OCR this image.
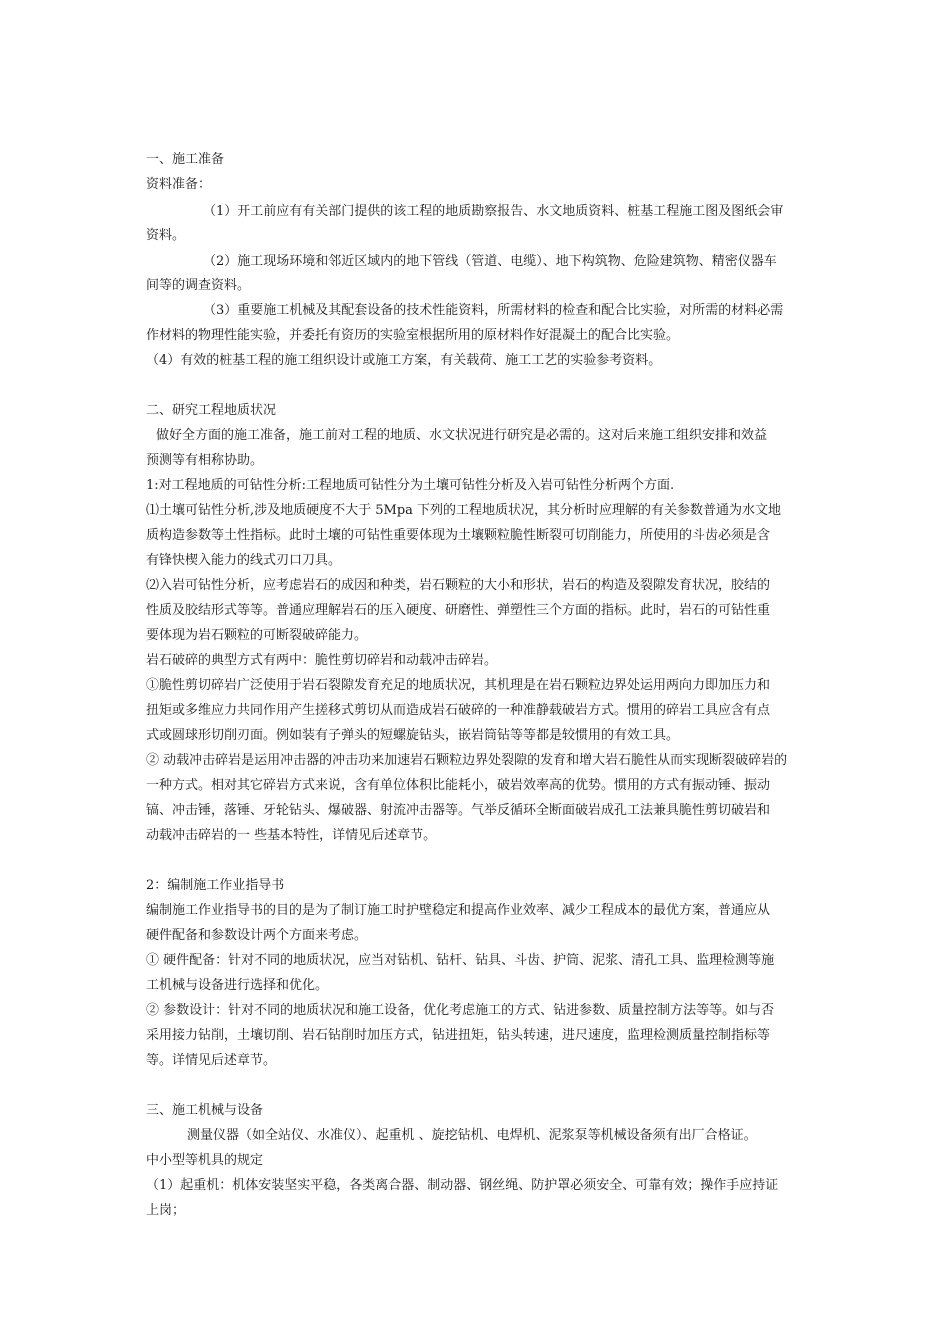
一、施工准备
资料准备：
（1）开工前应有有关部门提供的该工程的地质勘察报告、水文地质资料、桩基工程施工图及图纸会审
资料。
（2）施工现场环境和邻近区域内的地下管线（管道、电缆）、地下构筑物、危险建筑物、精密仪器车
间等的调查资料。
（3）重要施工机械及其配套设备的技术性能资料，所需材料的检查和配合比实验，对所需的材料必需
作材料的物理性能实验，并委托有资历的实验室根据所用的原材料作好混凝土的配合比实验。
（4）有效的桩基工程的施工组织设计或施工方案，有关载荷、施工工艺的实验参考资料。
二、研究工程地质状况
做好全方面的施工准备，施工前对工程的地质、水文状况进行研究是必需的。这对后来施工组织安排和效益
预测等有相称协助。
1:对工程地质的可钻性分析:工程地质可钻性分为土壤可钻性分析及入岩可钻性分析两个方面.
⑴土壤可钻性分析,涉及地质硬度不大于 5Mpa 下列的工程地质状况，其分析时应理解的有关参数普通为水文地
质构造参数等土性指标。此时土壤的可钻性重要体现为土壤颗粒脆性断裂可切削能力，所使用的斗齿必须是含
有锋快楔入能力的线式刃口刀具。
⑵入岩可钻性分析，应考虑岩石的成因和种类，岩石颗粒的大小和形状，岩石的构造及裂隙发育状况，胶结的
性质及胶结形式等等。普通应理解岩石的压入硬度、研磨性、弹塑性三个方面的指标。此时，岩石的可钻性重
要体现为岩石颗粒的可断裂破碎能力。
岩石破碎的典型方式有两中：脆性剪切碎岩和动载冲击碎岩。
①脆性剪切碎岩广泛使用于岩石裂隙发育充足的地质状况，其机理是在岩石颗粒边界处运用两向力即加压力和
扭矩或多维应力共同作用产生搓移式剪切从而造成岩石破碎的一种准静载破岩方式。惯用的碎岩工具应含有点
式或圆球形切削刃面。例如装有子弹头的短螺旋钻头，嵌岩筒钻等等都是较惯用的有效工具。
② 动载冲击碎岩是运用冲击器的冲击功来加速岩石颗粒边界处裂隙的发育和增大岩石脆性从而实现断裂破碎岩的
一种方式。相对其它碎岩方式来说，含有单位体积比能耗小，破岩效率高的优势。惯用的方式有振动锤、振动
镐、冲击锤，落锤、牙轮钻头、爆破器、射流冲击器等。气举反循环全断面破岩成孔工法兼具脆性剪切破岩和
动载冲击碎岩的一 些基本特性，详情见后述章节。
2：编制施工作业指导书
编制施工作业指导书的目的是为了制订施工时护壁稳定和提高作业效率、减少工程成本的最优方案，普通应从
硬件配备和参数设计两个方面来考虑。
① 硬件配备：针对不同的地质状况，应当对钻机、钻杆、钻具、斗齿、护筒、泥浆、清孔工具、监理检测等施
工机械与设备进行选择和优化。
② 参数设计：针对不同的地质状况和施工设备，优化考虑施工的方式、钻进参数、质量控制方法等等。如与否
采用接力钻削，土壤切削、岩石钻削时加压方式，钻进扭矩，钻头转速，进尺速度，监理检测质量控制指标等
等。详情见后述章节。
三、施工机械与设备
测量仪器（如全站仪、水准仪）、起重机 、旋挖钻机、电焊机、泥浆泵等机械设备须有出厂合格证。
中小型等机具的规定
（1）起重机：机体安装坚实平稳，各类离合器、制动器、钢丝绳、防护罩必须安全、可靠有效；操作手应持证
上岗；
